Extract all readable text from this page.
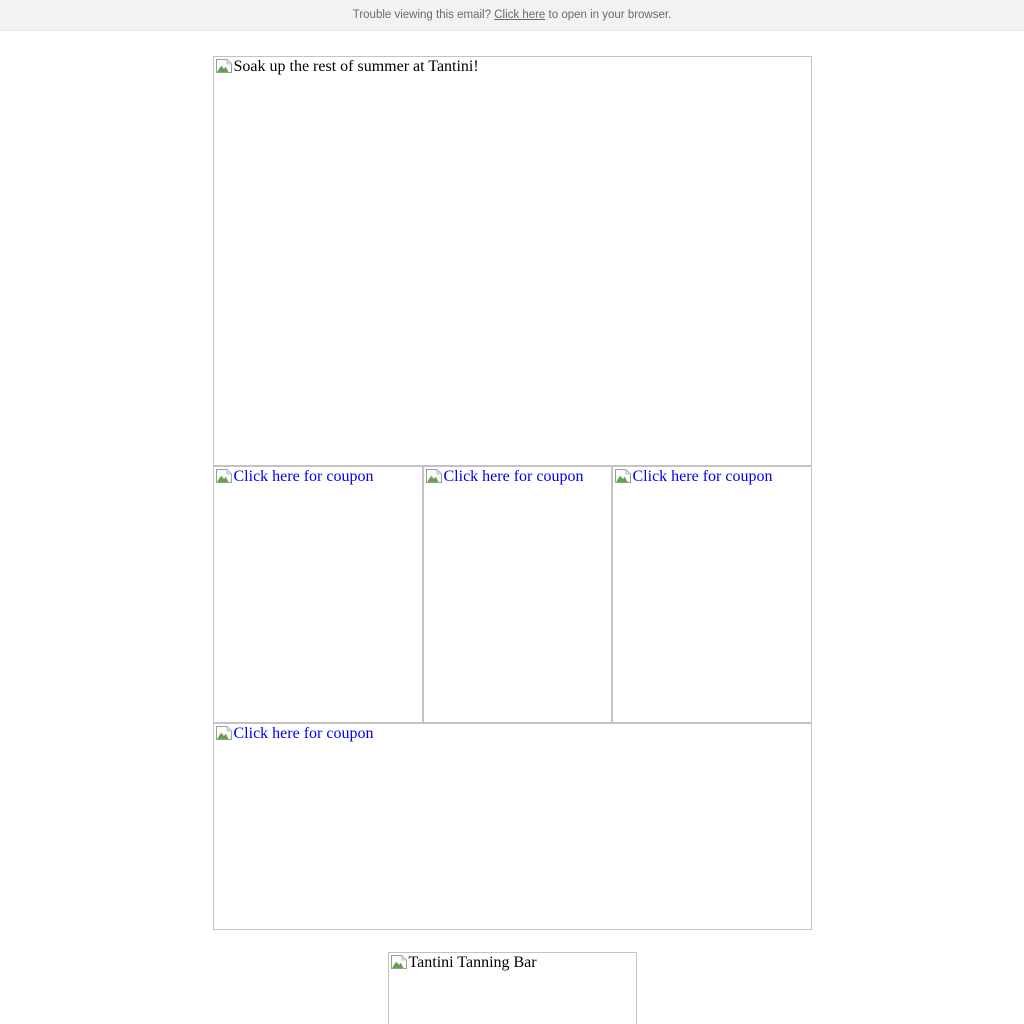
Trouble viewing this email? Click here to open in your browser.
Soak up the rest of summer at Tantini!
Click here for coupon	Click here for coupon	Click here for coupon
Click here for coupon
Tantini Tanning Bar
